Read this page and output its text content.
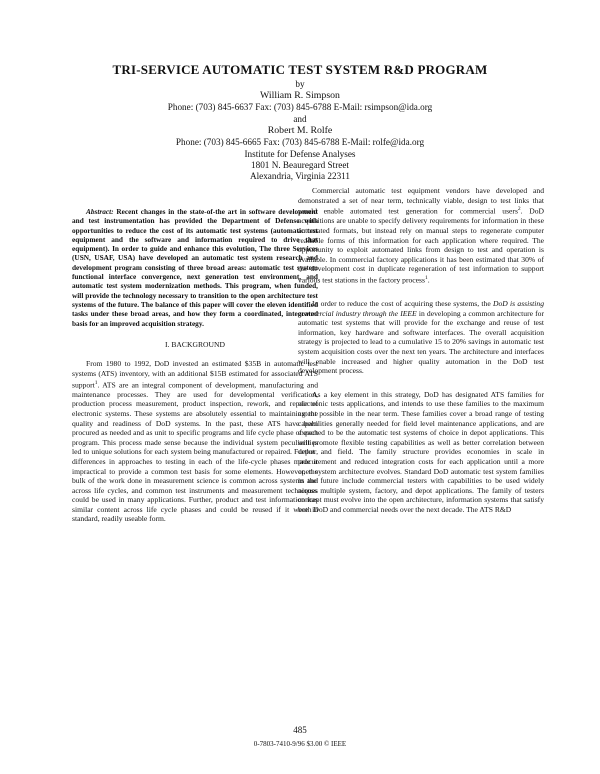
TRI-SERVICE AUTOMATIC TEST SYSTEM R&D PROGRAM
by
William R. Simpson
Phone: (703) 845-6637 Fax: (703) 845-6788 E-Mail: rsimpson@ida.org
and
Robert M. Rolfe
Phone: (703) 845-6665 Fax: (703) 845-6788 E-Mail: rolfe@ida.org
Institute for Defense Analyses
1801 N. Beauregard Street
Alexandria, Virginia 22311

Abstract: Recent changes in the state-of-the art in software development and test instrumentation has provided the Department of Defense with opportunities to reduce the cost of its automatic test systems (automatic test equipment and the software and information required to drive that equipment). In order to guide and enhance this evolution, The three Services (USN, USAF, USA) have developed an automatic test system research and development program consisting of three broad areas: automatic test system functional interface convergence, next generation test environment, and automatic test system modernization methods. This program, when funded, will provide the technology necessary to transition to the open architecture test systems of the future. The balance of this paper will cover the eleven identified tasks under these broad areas, and how they form a coordinated, integrated basis for an improved acquisition strategy.

I. BACKGROUND

From 1980 to 1992, DoD invested an estimated $35B in automatic test systems (ATS) inventory, with an additional $15B estimated for associated ATS support$^1$. ATS are an integral component of development, manufacturing and maintenance processes. They are used for developmental verification, production process measurement, product inspection, rework, and repair of electronic systems. These systems are absolutely essential to maintaining the quality and readiness of DoD systems. In the past, these ATS have been procured as needed and as unit to specific programs and life cycle phase of each program. This process made sense because the individual system peculiarities led to unique solutions for each system being manufactured or repaired. Further, differences in approaches to testing in each of the life-cycle phases made it impractical to provide a common test basis for some elements. However, the bulk of the work done in measurement science is common across systems and across life cycles, and common test instruments and measurement techniques could be used in many applications. Further, product and test information has similar content across life cycle phases and could be reused if it were in standard, readily useable form.

Commercial automatic test equipment vendors have developed and demonstrated a set of near term, technically viable, design to test links that would enable automated test generation for commercial users$^2$. DoD acquisitions are unable to specify delivery requirements for information in these automated formats, but instead rely on manual steps to regenerate computer readable forms of this information for each application where required. The opportunity to exploit automated links from design to test and operation is available. In commercial factory applications it has been estimated that 30% of the development cost in duplicate regeneration of test information to support various test stations in the factory process$^1$.

In order to reduce the cost of acquiring these systems, the DoD is assisting commercial industry through the IEEE in developing a common architecture for automatic test systems that will provide for the exchange and reuse of test information, key hardware and software interfaces. The overall acquisition strategy is projected to lead to a cumulative 15 to 20% savings in automatic test system acquisition costs over the next ten years. The architecture and interfaces will enable increased and higher quality automation in the DoD test development process.

As a key element in this strategy, DoD has designated ATS families for electronic tests applications, and intends to use these families to the maximum extent possible in the near term. These families cover a broad range of testing capabilities generally needed for field level maintenance applications, and are expected to be the automatic test systems of choice in depot applications. This will promote flexible testing capabilities as well as better correlation between depot and field. The family structure provides economies in scale in procurement and reduced integration costs for each application until a more open system architecture evolves. Standard DoD automatic test system families in the future include commercial testers with capabilities to be used widely across multiple system, factory, and depot applications. The family of testers concept must evolve into the open architecture, information systems that satisfy both DoD and commercial needs over the next decade. The ATS R&D

485
0-7803-7410-9/96 $3.00 © IEEE
